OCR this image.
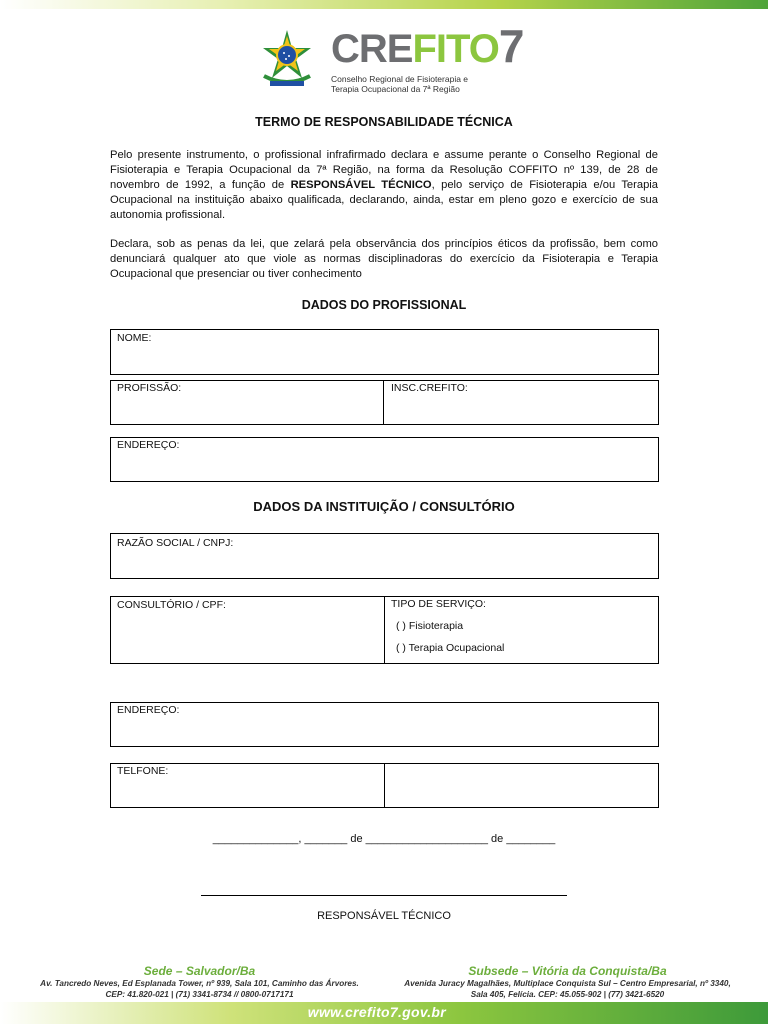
CREFITO7
Conselho Regional de Fisioterapia e
Terapia Ocupacional da 7ª Região
TERMO DE RESPONSABILIDADE TÉCNICA

Pelo presente instrumento, o profissional infrafirmado declara e assume perante o Conselho Regional de Fisioterapia e Terapia Ocupacional da 7ª Região, na forma da Resolução COFFITO nº 139, de 28 de novembro de 1992, a função de RESPONSÁVEL TÉCNICO, pelo serviço de Fisioterapia e/ou Terapia Ocupacional na instituição abaixo qualificada, declarando, ainda, estar em pleno gozo e exercício de sua autonomia profissional.

Declara, sob as penas da lei, que zelará pela observância dos princípios éticos da profissão, bem como denunciará qualquer ato que viole as normas disciplinadoras do exercício da Fisioterapia e Terapia Ocupacional que presenciar ou tiver conhecimento

DADOS DO PROFISSIONAL
NOME:
PROFISSÃO:	INSC.CREFITO:
ENDEREÇO:
DADOS DA INSTITUIÇÃO / CONSULTÓRIO
RAZÃO SOCIAL / CNPJ:
CONSULTÓRIO / CPF:	TIPO DE SERVIÇO:
( ) Fisioterapia
( ) Terapia Ocupacional
ENDEREÇO:
TELFONE:
______________, _______ de ____________________ de ________
RESPONSÁVEL TÉCNICO
Sede – Salvador/Ba
Av. Tancredo Neves, Ed Esplanada Tower, nº 939, Sala 101, Caminho das Árvores.
CEP: 41.820-021 | (71) 3341-8734 // 0800-0717171
Subsede – Vitória da Conquista/Ba
Avenida Juracy Magalhães, Multiplace Conquista Sul – Centro Empresarial, nº 3340,
Sala 405, Felícia. CEP: 45.055-902 | (77) 3421-6520
www.crefito7.gov.br
